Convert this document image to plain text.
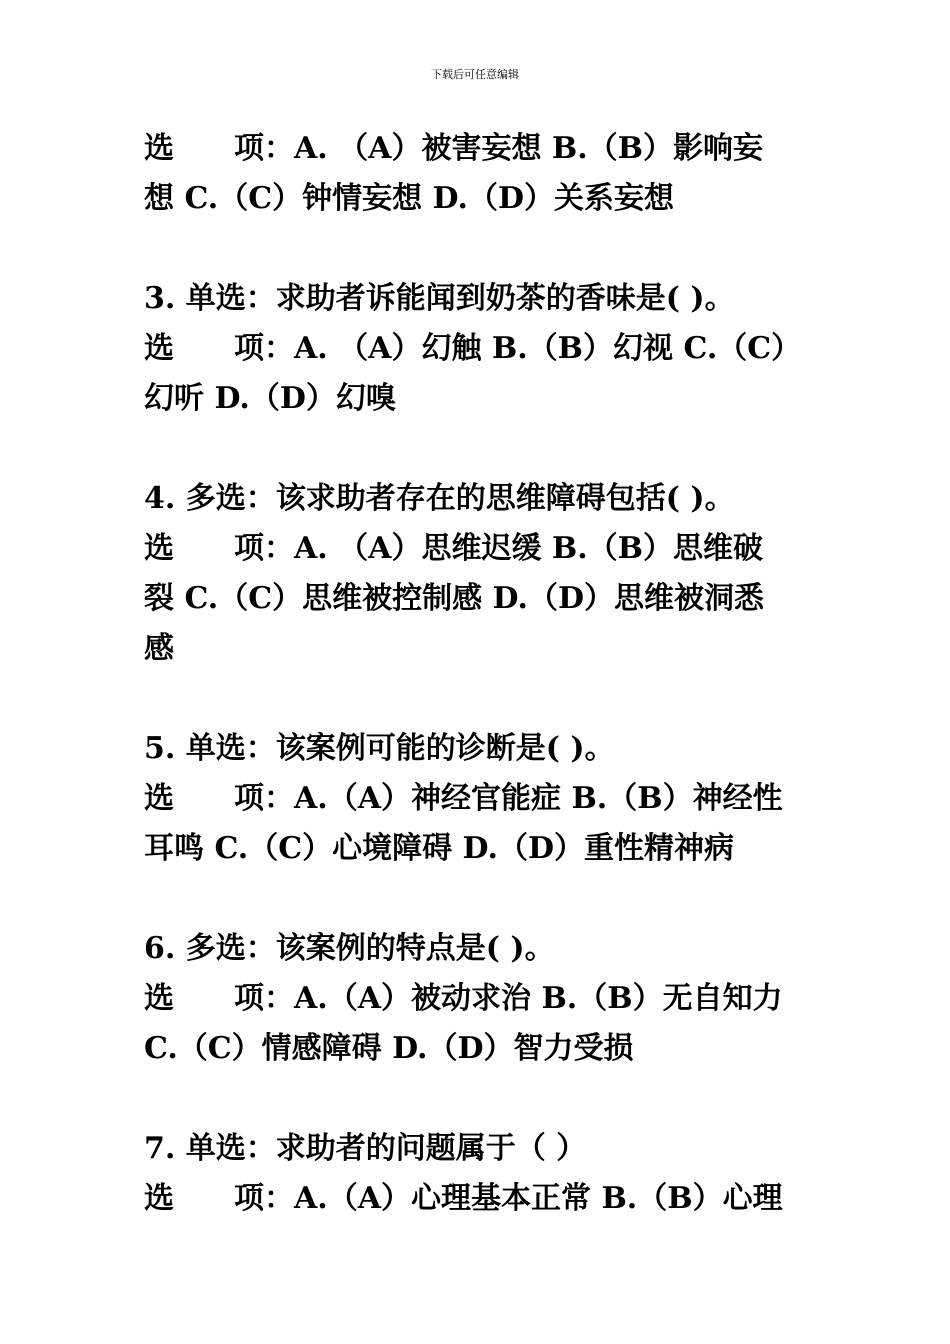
下载后可任意编辑
选　　项：A. （A）被害妄想 B.（B）影响妄
想 C.（C）钟情妄想 D.（D）关系妄想
3. 单选：求助者诉能闻到奶茶的香味是( )。
选　　项：A. （A）幻触 B.（B）幻视 C.（C）
幻听 D.（D）幻嗅
4. 多选：该求助者存在的思维障碍包括( )。
选　　项：A. （A）思维迟缓 B.（B）思维破
裂 C.（C）思维被控制感 D.（D）思维被洞悉
感
5. 单选：该案例可能的诊断是( )。
选　　项：A.（A）神经官能症 B.（B）神经性
耳鸣 C.（C）心境障碍 D.（D）重性精神病
6. 多选：该案例的特点是( )。
选　　项：A.（A）被动求治 B.（B）无自知力
C.（C）情感障碍 D.（D）智力受损
7. 单选：求助者的问题属于（ ）
选　　项：A.（A）心理基本正常 B.（B）心理
